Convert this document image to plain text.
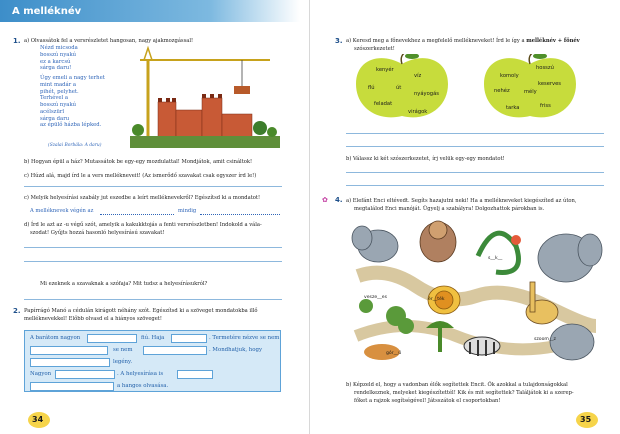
A melléknév
1. a) Olvassátok fel a versrészletet hangosan, nagy ajakmozgással!
Nézd micsoda
bosszú nyakú
ez a karcsú
sárga daru!
Úgy emeli a nagy terhet
mint madár a
pihét, pelyhet.
Terhével a
bosszú nyakú
acélszürl
sárga daru
az épülő házba lépked.
(Szalai Borbála: A daru)
b) Hogyan épül a ház? Mutassátok be egy-egy mozdulattal! Mondjátok, amit csináltok!
c) Húzd alá, majd írd le a vers mellékneveit! (Az ismerődő szavakat csak egyszer írd le!)
c) Melyik helyesírási szabály jut eszedbe a leírt melléknevekről? Egészítsd ki a mondatot!
A melléknevek végén az	mindig
d) Írd le azt az -u végű szót, amelyik a kakukktojás a fenti versrészletben! Indokold a vála-
szodat! Gyűjts hozzá hasonló helyesírású szavakat!
Mi ezeknek a szavaknak a szófaja? Mit tudsz a helyesírásukról?
2. Papírrágó Manó a cédulán kirágott néhány szót. Egészítsd ki a szöveget mondatokba illő
melléknevekkel! Előbb olvasd el a hiányos szöveget!
A barátom nagyon	fiú. Haja	. Termetére nézve se nem
se nem	. Mondhatjuk, hogy
legény.
Nagyon	. A helyesírása is
a hangos olvasása.
34
3. a) Keresd meg a főnevekhez a megfelelő mellékneveket! Írd le így a melléknév + főnév
szószerkezetet!
kenyér
víz
flú	út
nyáyogás
feladat
virágok
hosszú
komoly
keserves
nehéz	mély
tarka	friss
b) Válassz ki két szószerkezetet, írj velük egy-egy mondatot!
✿ 4. a) Elefánt Enci eltévedt. Segíts hazajutni neki! Ha a mellékneveket kiegészíted az úton,
megtalálod Enci manóját. Ügyelj a szabályra! Dolgozhattok párokban is.
s__k__
vesze__es	ér__ték
szoom__z
gór__ű
b) Képzeld el, hogy a vadonban élők segítettek Encit. Ők azokkal a tulajdonságokkal
rendelkeznek, melyeket kiegészítettél! Kik és mit segítettek? Találjátok ki a szerep-
főket a rajzok segítségével! Játsszátok el csoportokban!
35
